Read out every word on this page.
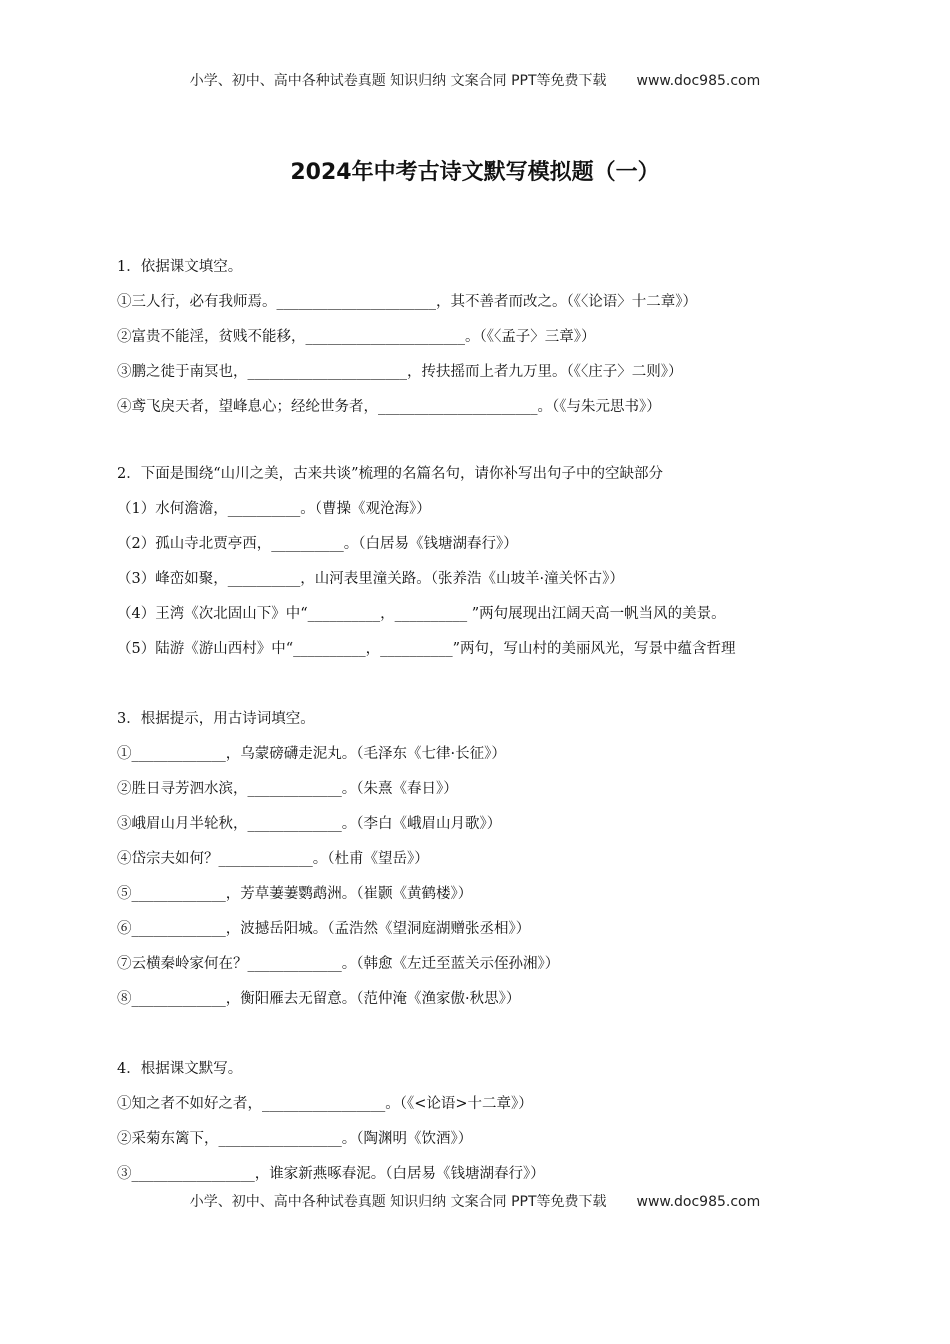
小学、初中、高中各种试卷真题 知识归纳 文案合同 PPT等免费下载 www.doc985.com
2024年中考古诗文默写模拟题（一）
1．依据课文填空。
①三人行，必有我师焉。______________________，其不善者而改之。（《〈论语〉十二章》）
②富贵不能淫，贫贱不能移，______________________。（《〈孟子〉三章》）
③鹏之徙于南冥也，______________________，抟扶摇而上者九万里。（《〈庄子〉二则》）
④鸢飞戾天者，望峰息心；经纶世务者，______________________。（《与朱元思书》）
2．下面是围绕“山川之美，古来共谈”梳理的名篇名句，请你补写出句子中的空缺部分
（1）水何澹澹，__________。（曹操《观沧海》）
（2）孤山寺北贾亭西，__________。（白居易《钱塘湖春行》）
（3）峰峦如聚，__________，山河表里潼关路。（张养浩《山坡羊·潼关怀古》）
（4）王湾《次北固山下》中“__________，__________ ”两句展现出江阔天高一帆当风的美景。
（5）陆游《游山西村》中“__________，__________”两句，写山村的美丽风光，写景中蕴含哲理
3．根据提示，用古诗词填空。
①_____________，乌蒙磅礴走泥丸。（毛泽东《七律·长征》）
②胜日寻芳泗水滨，_____________。（朱熹《春日》）
③峨眉山月半轮秋，_____________。（李白《峨眉山月歌》）
④岱宗夫如何？_____________。（杜甫《望岳》）
⑤_____________，芳草萋萋鹦鹉洲。（崔颢《黄鹤楼》）
⑥_____________，波撼岳阳城。（孟浩然《望洞庭湖赠张丞相》）
⑦云横秦岭家何在？_____________。（韩愈《左迁至蓝关示侄孙湘》）
⑧_____________，衡阳雁去无留意。（范仲淹《渔家傲·秋思》）
4．根据课文默写。
①知之者不如好之者，_________________。（《<论语>十二章》）
②采菊东篱下，_________________。（陶渊明《饮酒》）
③_________________，谁家新燕啄春泥。（白居易《钱塘湖春行》）
小学、初中、高中各种试卷真题 知识归纳 文案合同 PPT等免费下载 www.doc985.com
